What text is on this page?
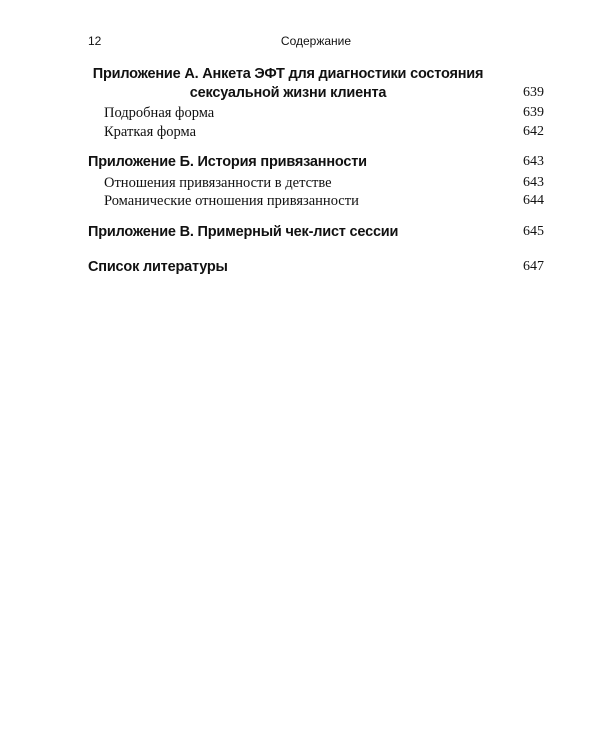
12	Содержание
Приложение А. Анкета ЭФТ для диагностики состояния
сексуальной жизни клиента	639
Подробная форма	639
Краткая форма	642
Приложение Б. История привязанности	643
Отношения привязанности в детстве	643
Романические отношения привязанности	644
Приложение В. Примерный чек-лист сессии	645
Список литературы	647
